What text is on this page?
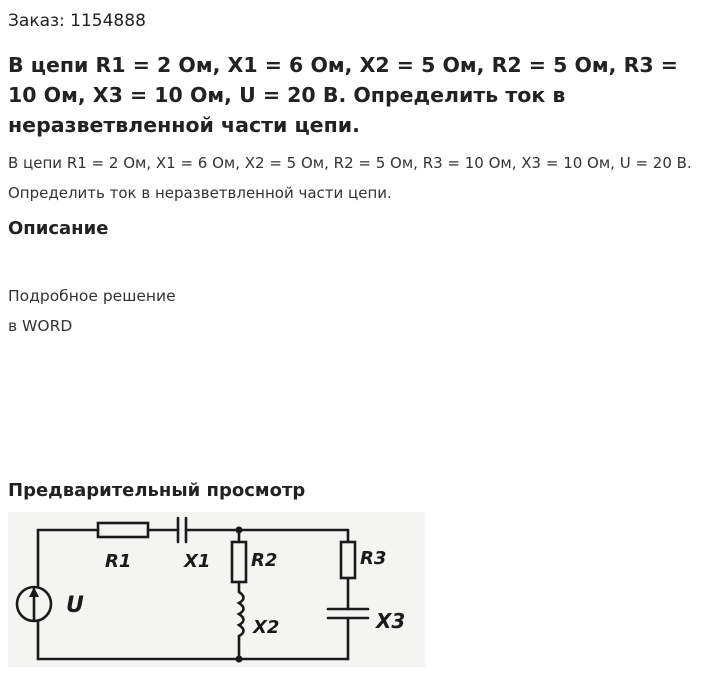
Заказ: 1154888
В цепи R1 = 2 Ом, X1 = 6 Ом, X2 = 5 Ом, R2 = 5 Ом, R3 = 10 Ом, X3 = 10 Ом, U = 20 В. Определить ток в неразветвленной части цепи.

В цепи R1 = 2 Ом, X1 = 6 Ом, X2 = 5 Ом, R2 = 5 Ом, R3 = 10 Ом, X3 = 10 Ом, U = 20 В. Определить ток в неразветвленной части цепи.

Описание
Подробное решение
в WORD
Предварительный просмотр
R1	X1 R2
X2
R3
X3
U
